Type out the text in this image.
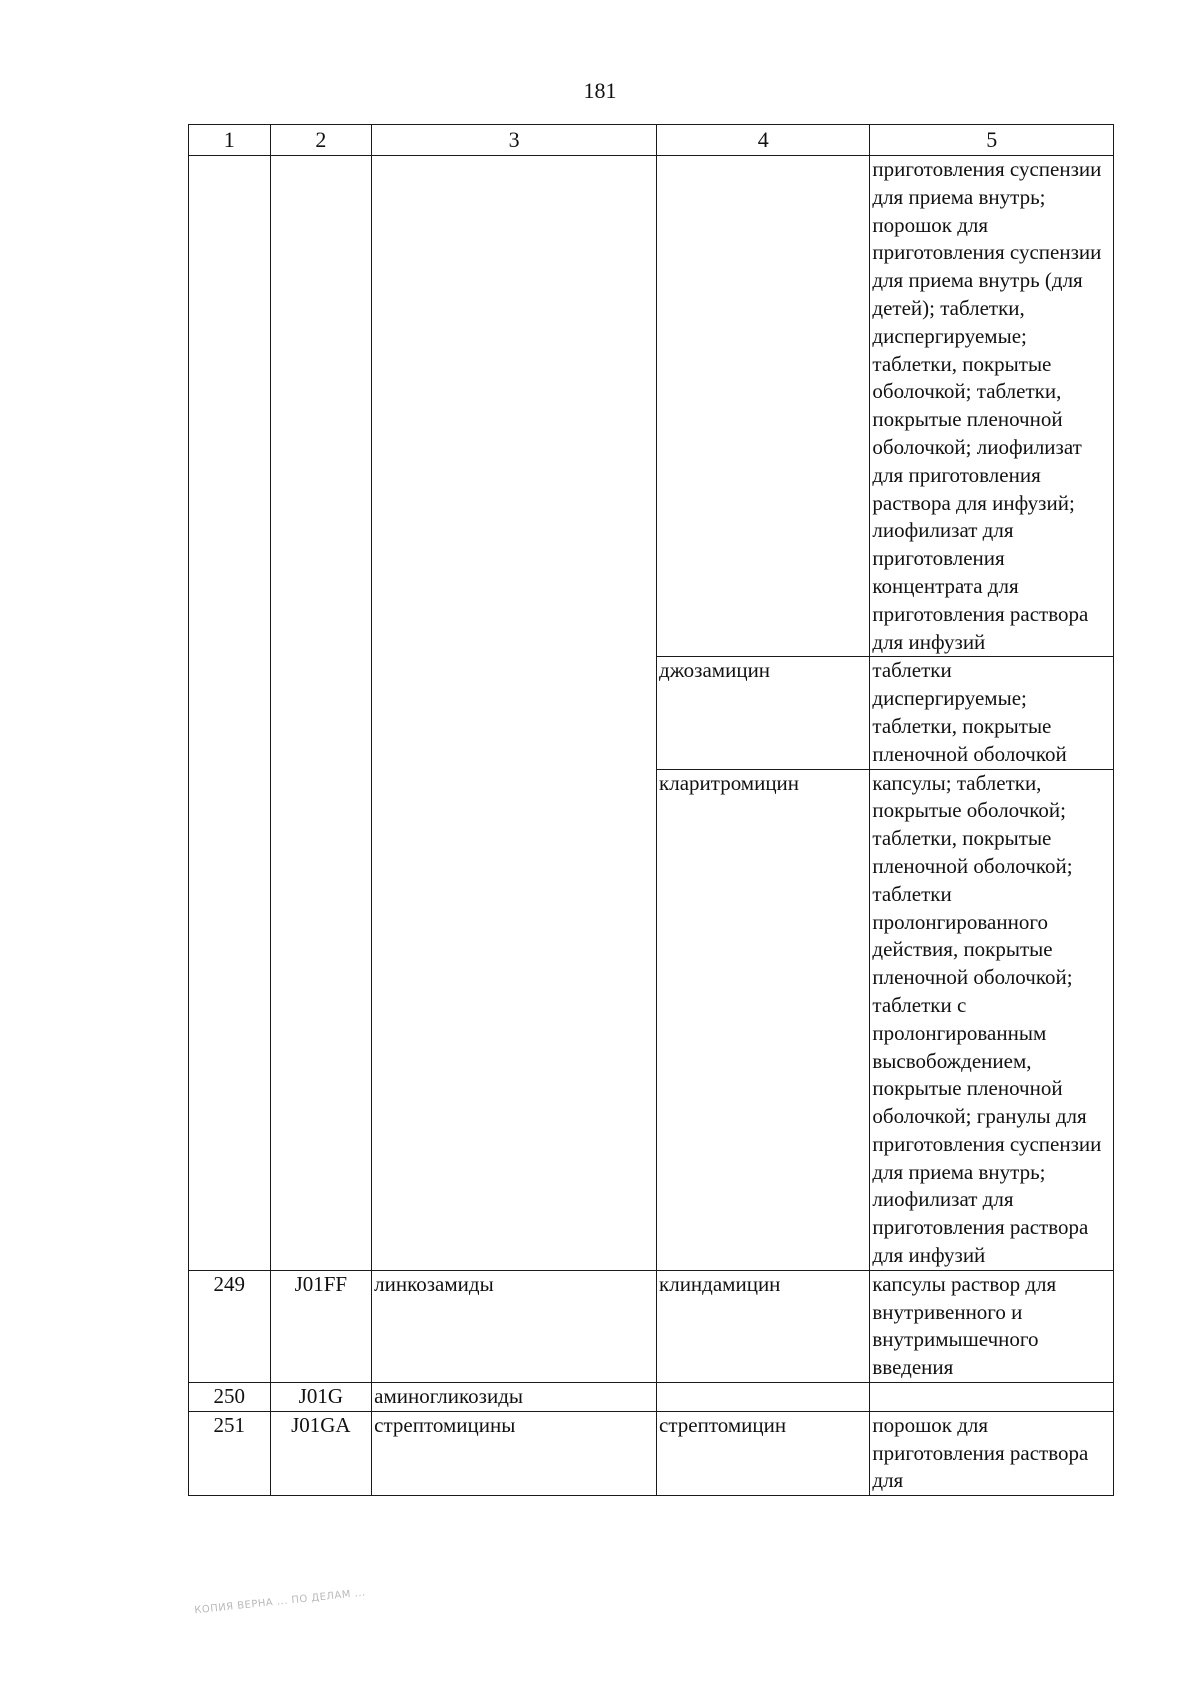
181
1	2	3	4	5
				приготовления суспензии для приема внутрь; порошок для приготовления суспензии для приема внутрь (для детей); таблетки, диспергируемые; таблетки, покрытые оболочкой; таблетки, покрытые пленочной оболочкой; лиофилизат для приготовления раствора для инфузий; лиофилизат для приготовления концентрата для приготовления раствора для инфузий
			джозамицин	таблетки диспергируемые; таблетки, покрытые пленочной оболочкой
			кларитромицин	капсулы; таблетки, покрытые оболочкой; таблетки, покрытые пленочной оболочкой; таблетки пролонгированного действия, покрытые пленочной оболочкой; таблетки с пролонгированным высвобождением, покрытые пленочной оболочкой; гранулы для приготовления суспензии для приема внутрь; лиофилизат для приготовления раствора для инфузий
249	J01FF	линкозамиды	клиндамицин	капсулы раствор для внутривенного и внутримышечного введения
250	J01G	аминогликозиды		
251	J01GA	стрептомицины	стрептомицин	порошок для приготовления раствора для
КОПИЯ ВЕРНА ... ПО ДЕЛАМ ...
